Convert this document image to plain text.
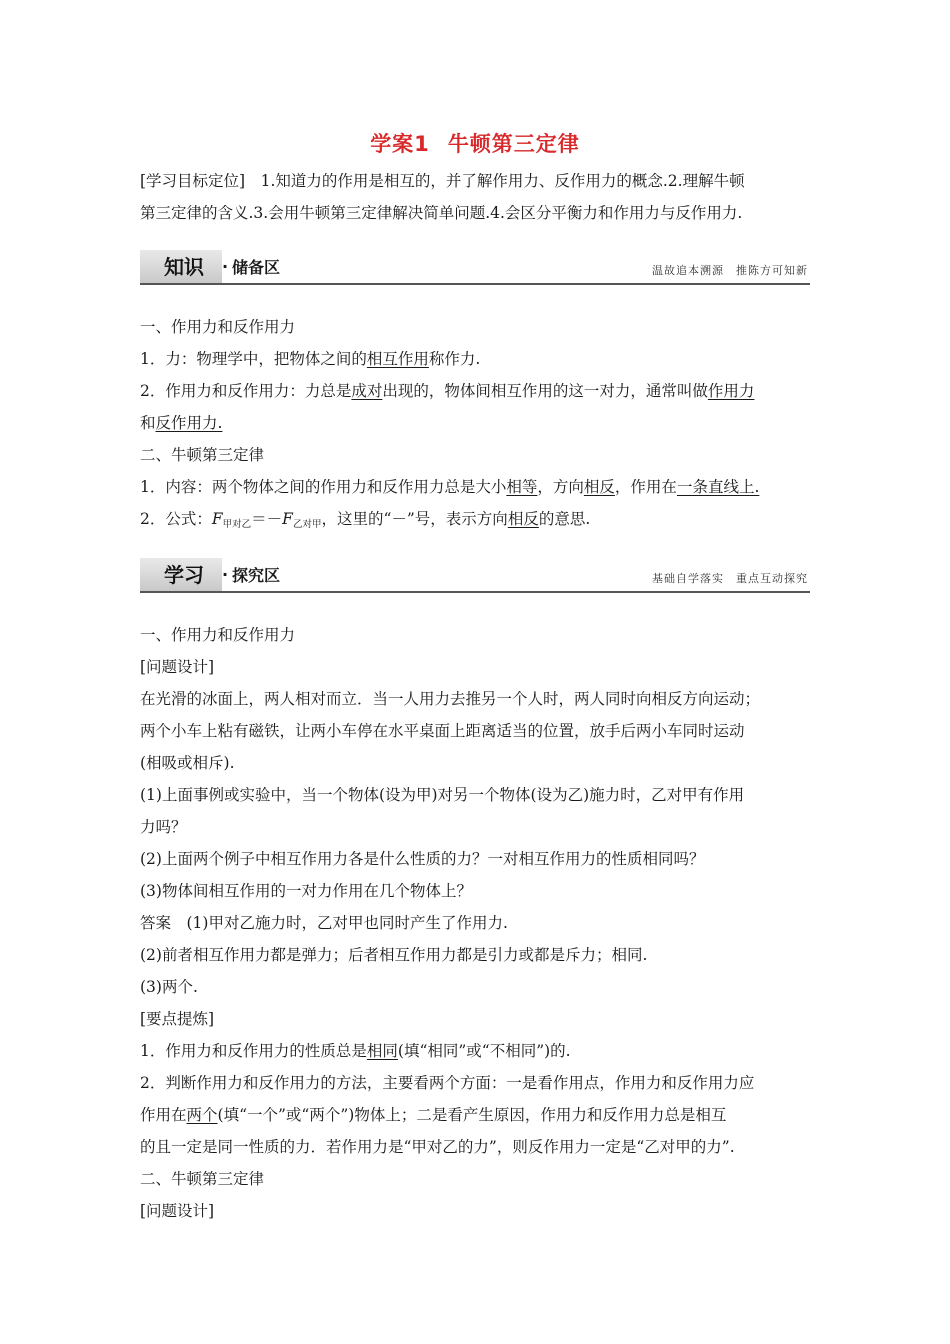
学案1 牛顿第三定律

[学习目标定位]　1.知道力的作用是相互的，并了解作用力、反作用力的概念.2.理解牛顿

第三定律的含义.3.会用牛顿第三定律解决简单问题.4.会区分平衡力和作用力与反作用力.

知识 · 储备区	温故追本溯源　推陈方可知新

一、作用力和反作用力

1．力：物理学中，把物体之间的相互作用称作力.

2．作用力和反作用力：力总是成对出现的，物体间相互作用的这一对力，通常叫做作用力

和反作用力.

二、牛顿第三定律

1．内容：两个物体之间的作用力和反作用力总是大小相等，方向相反，作用在一条直线上.

2．公式：$F_{甲对乙}=-F_{乙对甲}$，这里的“－”号，表示方向相反的意思.

学习 · 探究区	基础自学落实　重点互动探究

一、作用力和反作用力

[问题设计]

在光滑的冰面上，两人相对而立．当一人用力去推另一个人时，两人同时向相反方向运动；

两个小车上粘有磁铁，让两小车停在水平桌面上距离适当的位置，放手后两小车同时运动

(相吸或相斥).

(1)上面事例或实验中，当一个物体(设为甲)对另一个物体(设为乙)施力时，乙对甲有作用

力吗？

(2)上面两个例子中相互作用力各是什么性质的力？一对相互作用力的性质相同吗？

(3)物体间相互作用的一对力作用在几个物体上？

答案　(1)甲对乙施力时，乙对甲也同时产生了作用力.

(2)前者相互作用力都是弹力；后者相互作用力都是引力或都是斥力；相同.

(3)两个.

[要点提炼]

1．作用力和反作用力的性质总是相同(填“相同”或“不相同”)的.

2．判断作用力和反作用力的方法，主要看两个方面：一是看作用点，作用力和反作用力应

作用在两个(填“一个”或“两个”)物体上；二是看产生原因，作用力和反作用力总是相互

的且一定是同一性质的力．若作用力是“甲对乙的力”，则反作用力一定是“乙对甲的力”.

二、牛顿第三定律

[问题设计]
